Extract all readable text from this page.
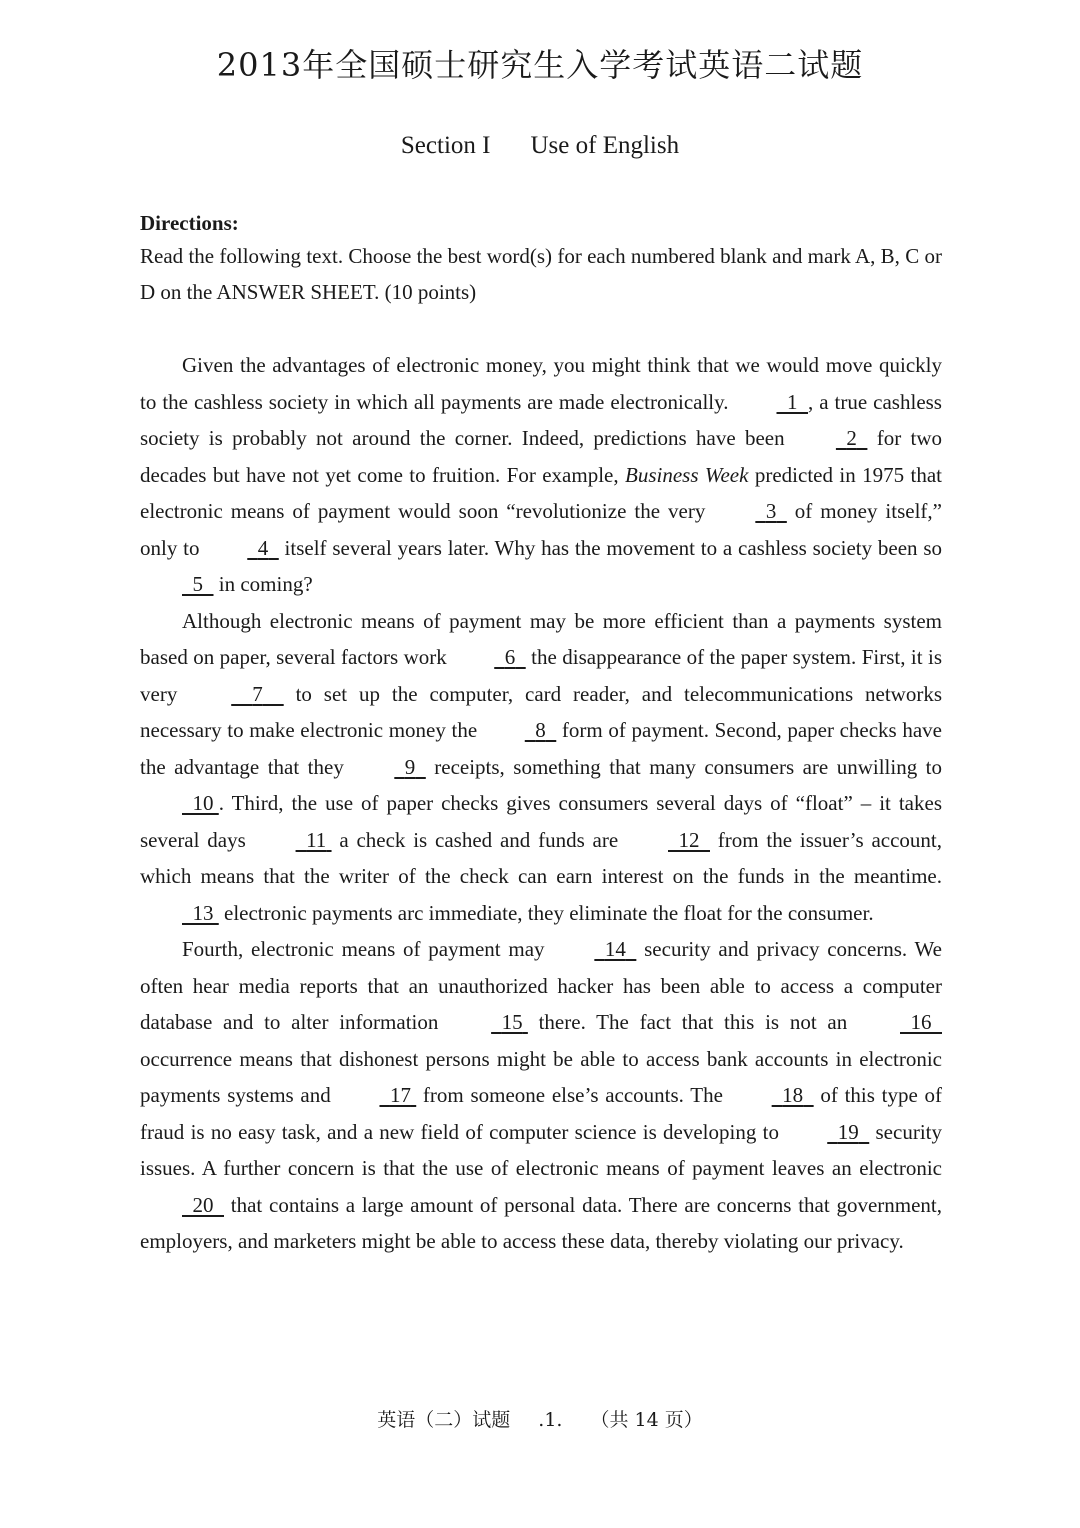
2013年全国硕士研究生入学考试英语二试题
Section I Use of English
Directions:
Read the following text. Choose the best word(s) for each numbered blank and mark A, B, C or D on the ANSWER SHEET. (10 points)

Given the advantages of electronic money, you might think that we would move quickly to the cashless society in which all payments are made electronically.	1 , a true cashless society is probably not around the corner. Indeed, predictions have been	2   for two decades but have not yet come to fruition. For example, Business Week predicted in 1975 that electronic means of payment would soon “revolutionize the very	3   of money itself,” only to	4   itself several years later. Why has the movement to a cashless society been so   5   in coming?

Although electronic means of payment may be more efficient than a payments system based on paper, several factors work	6   the disappearance of the paper system. First, it is very	7     to set up the computer, card reader, and telecommunications networks necessary to make electronic money the	8   form of payment. Second, paper checks have the advantage that they	9   receipts, something that many consumers are unwilling to   10 . Third, the use of paper checks gives consumers several days of “float” – it takes several days	11  a check is cashed and funds are	12   from the issuer’s account, which means that the writer of the check can earn interest on the funds in the meantime.   13  electronic payments arc immediate, they eliminate the float for the consumer.

Fourth, electronic means of payment may	14   security and privacy concerns. We often hear media reports that an unauthorized hacker has been able to access a computer database and to alter information	15  there. The fact that this is not an	16   occurrence means that dishonest persons might be able to access bank accounts in electronic payments systems and	17  from someone else’s accounts. The	18   of this type of fraud is no easy task, and a new field of computer science is developing to	19   security issues. A further concern is that the use of electronic means of payment leaves an electronic   20   that contains a large amount of personal data. There are concerns that government, employers, and marketers might be able to access these data, thereby violating our privacy.

英语（二）试题 .1. （共 14 页）
